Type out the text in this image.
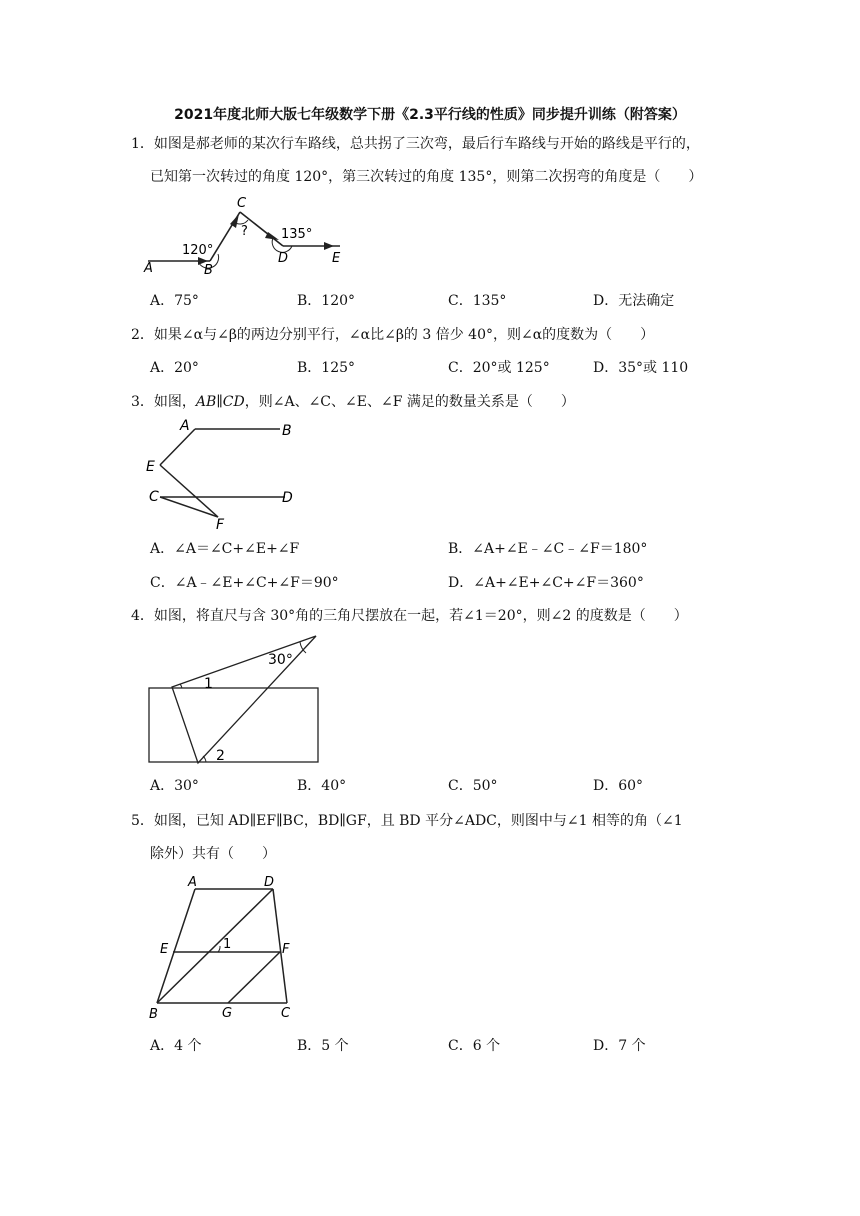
2021年度北师大版七年级数学下册《2.3平行线的性质》同步提升训练（附答案）
1．如图是郝老师的某次行车路线，总共拐了三次弯，最后行车路线与开始的路线是平行的，
已知第一次转过的角度 120°，第三次转过的角度 135°，则第二次拐弯的角度是（　　）
A	B
C
D	E
120°
?	135°
A．75°	B．120°	C．135°	D．无法确定
2．如果∠α与∠β的两边分别平行，∠α比∠β的 3 倍少 40°，则∠α的度数为（　　）
A．20°	B．125°	C．20°或 125°	D．35°或 110
3．如图，AB∥CD，则∠A、∠C、∠E、∠F 满足的数量关系是（　　）
A	B
C	D
E
F
A．∠A＝∠C+∠E+∠F	B．∠A+∠E﹣∠C﹣∠F＝180°
C．∠A﹣∠E+∠C+∠F＝90°	D．∠A+∠E+∠C+∠F＝360°
4．如图，将直尺与含 30°角的三角尺摆放在一起，若∠1＝20°，则∠2 的度数是（　　）
30°
1
2
A．30°	B．40°	C．50°	D．60°
5．如图，已知 AD∥EF∥BC，BD∥GF，且 BD 平分∠ADC，则图中与∠1 相等的角（∠1
除外）共有（　　）
A	D
E	F
B	G	C
1
A．4 个	B．5 个	C．6 个	D．7 个
